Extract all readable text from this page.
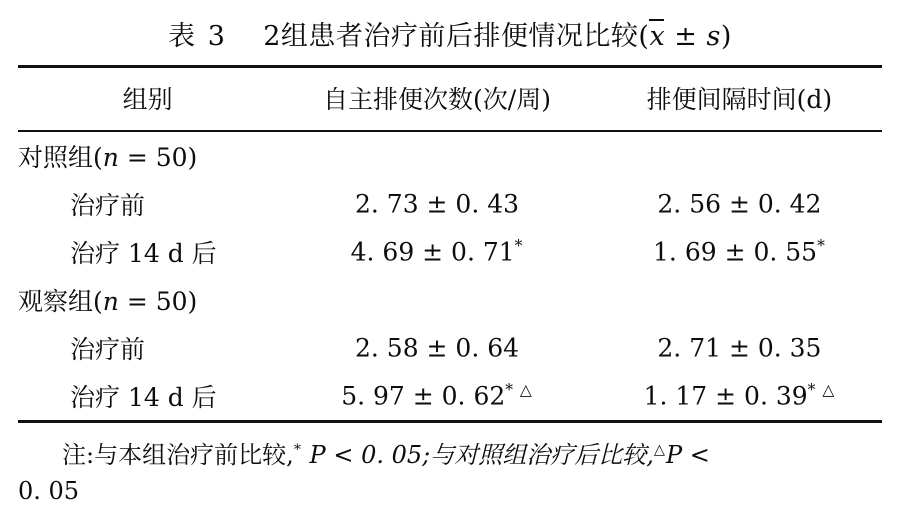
表 3 2组患者治疗前后排便情况比较(x ± s)
组别	自主排便次数(次/周)	排便间隔时间(d)
对照组(n = 50)		
治疗前	2. 73 ± 0. 43	2. 56 ± 0. 42
治疗 14 d 后	4. 69 ± 0. 71*	1. 69 ± 0. 55*
观察组(n = 50)		
治疗前	2. 58 ± 0. 64	2. 71 ± 0. 35
治疗 14 d 后	5. 97 ± 0. 62* △	1. 17 ± 0. 39* △
注:与本组治疗前比较,* P < 0. 05;与对照组治疗后比较,△P <
0. 05
